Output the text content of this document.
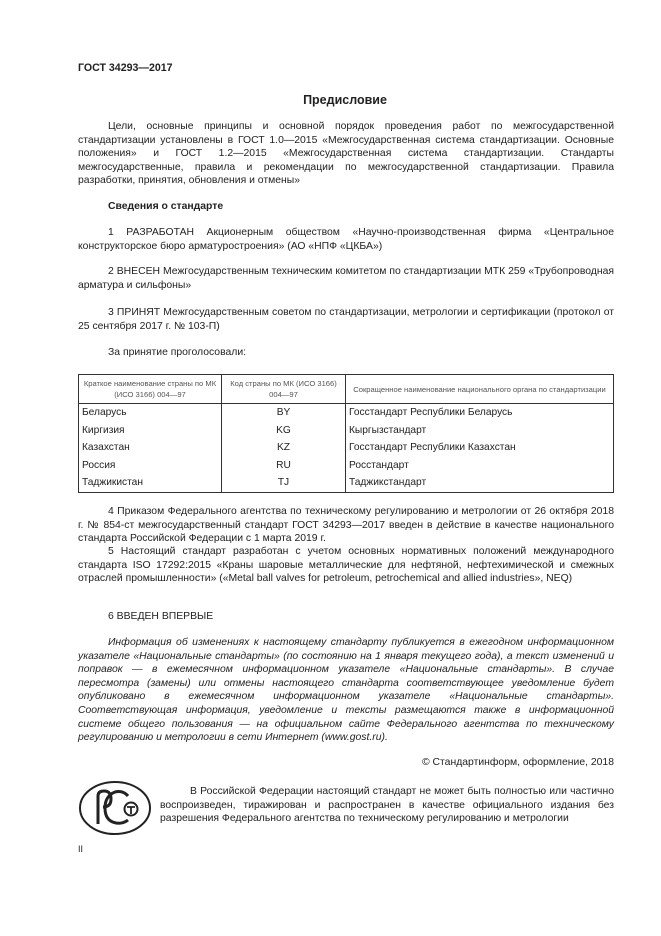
ГОСТ 34293—2017
Предисловие

Цели, основные принципы и основной порядок проведения работ по межгосударственной стандартизации установлены в ГОСТ 1.0—2015 «Межгосударственная система стандартизации. Основные положения» и ГОСТ 1.2—2015 «Межгосударственная система стандартизации. Стандарты межгосударственные, правила и рекомендации по межгосударственной стандартизации. Правила разработки, принятия, обновления и отмены»

Сведения о стандарте

1 РАЗРАБОТАН Акционерным обществом «Научно-производственная фирма «Центральное конструкторское бюро арматуростроения» (АО «НПФ «ЦКБА»)

2 ВНЕСЕН Межгосударственным техническим комитетом по стандартизации МТК 259 «Трубопроводная арматура и сильфоны»

3 ПРИНЯТ Межгосударственным советом по стандартизации, метрологии и сертификации (протокол от 25 сентября 2017 г. № 103-П)

За принятие проголосовали:
Краткое наименование страны по МК (ИСО 3166) 004—97	Код страны по МК (ИСО 3166) 004—97	Сокращенное наименование национального органа по стандартизации
Беларусь	BY	Госстандарт Республики Беларусь
Киргизия	KG	Кыргызстандарт
Казахстан	KZ	Госстандарт Республики Казахстан
Россия	RU	Росстандарт
Таджикистан	TJ	Таджикстандарт

4 Приказом Федерального агентства по техническому регулированию и метрологии от 26 октября 2018 г. № 854-ст межгосударственный стандарт ГОСТ 34293—2017 введен в действие в качестве национального стандарта Российской Федерации с 1 марта 2019 г.

5 Настоящий стандарт разработан с учетом основных нормативных положений международного стандарта ISO 17292:2015 «Краны шаровые металлические для нефтяной, нефтехимической и смежных отраслей промышленности» («Metal ball valves for petroleum, petrochemical and allied industries», NEQ)

6 ВВЕДЕН ВПЕРВЫЕ

Информация об изменениях к настоящему стандарту публикуется в ежегодном информационном указателе «Национальные стандарты» (по состоянию на 1 января текущего года), а текст изменений и поправок — в ежемесячном информационном указателе «Национальные стандарты». В случае пересмотра (замены) или отмены настоящего стандарта соответствующее уведомление будет опубликовано в ежемесячном информационном указателе «Национальные стандарты». Соответствующая информация, уведомление и тексты размещаются также в информационной системе общего пользования — на официальном сайте Федерального агентства по техническому регулированию и метрологии в сети Интернет (www.gost.ru).

© Стандартинформ, оформление, 2018

В Российской Федерации настоящий стандарт не может быть полностью или частично воспроизведен, тиражирован и распространен в качестве официального издания без разрешения Федерального агентства по техническому регулированию и метрологии

II
